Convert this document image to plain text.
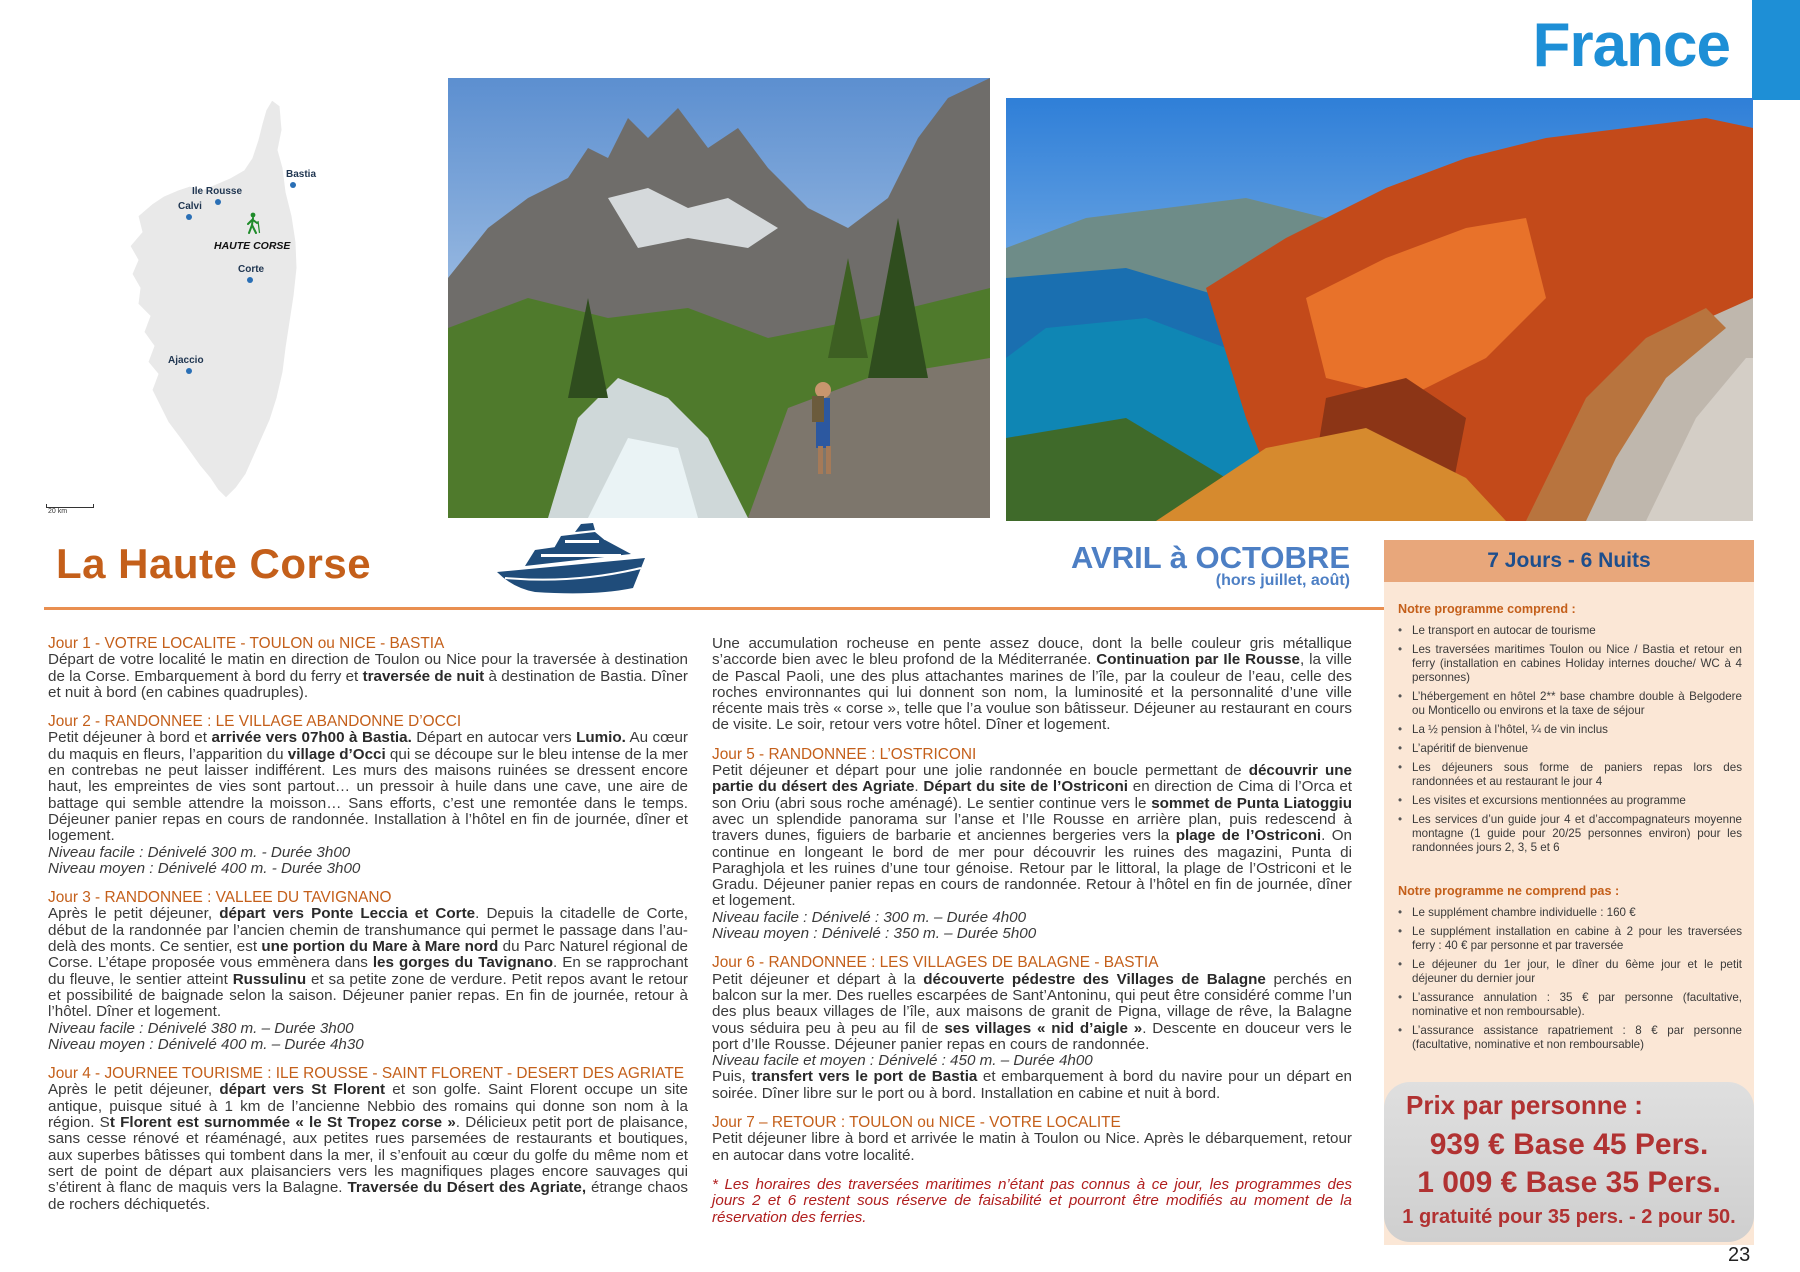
France
Bastia
Ile Rousse
Calvi
HAUTE CORSE
Corte
Ajaccio
20 km
La Haute Corse	AVRIL à OCTOBRE
(hors juillet, août)
Jour 1 - VOTRE LOCALITE - TOULON ou NICE - BASTIA
Départ de votre localité le matin en direction de Toulon ou Nice pour la traversée à destination de la Corse. Embarquement à bord du ferry et traversée de nuit à destination de Bastia. Dîner et nuit à bord (en cabines quadruples).
Jour 2 - RANDONNEE : LE VILLAGE ABANDONNE D’OCCI
Petit déjeuner à bord et arrivée vers 07h00 à Bastia. Départ en autocar vers Lumio. Au cœur du maquis en fleurs, l’apparition du village d’Occi qui se découpe sur le bleu intense de la mer en contrebas ne peut laisser indifférent. Les murs des maisons ruinées se dressent encore haut, les empreintes de vies sont partout… un pressoir à huile dans une cave, une aire de battage qui semble attendre la moisson… Sans efforts, c’est une remontée dans le temps. Déjeuner panier repas en cours de randonnée. Installation à l’hôtel en fin de journée, dîner et logement.
Niveau facile : Dénivelé 300 m. - Durée 3h00
Niveau moyen : Dénivelé 400 m. - Durée 3h00
Jour 3 - RANDONNEE : VALLEE DU TAVIGNANO
Après le petit déjeuner, départ vers Ponte Leccia et Corte. Depuis la citadelle de Corte, début de la randonnée par l’ancien chemin de transhumance qui permet le passage dans l’au-delà des monts. Ce sentier, est une portion du Mare à Mare nord du Parc Naturel régional de Corse. L’étape proposée vous emmènera dans les gorges du Tavignano. En se rapprochant du fleuve, le sentier atteint Russulinu et sa petite zone de verdure. Petit repos avant le retour et possibilité de baignade selon la saison. Déjeuner panier repas. En fin de journée, retour à l’hôtel. Dîner et logement.
Niveau facile : Dénivelé 380 m. – Durée 3h00
Niveau moyen : Dénivelé 400 m. – Durée 4h30
Jour 4 - JOURNEE TOURISME : ILE ROUSSE - SAINT FLORENT - DESERT DES AGRIATE
Après le petit déjeuner, départ vers St Florent et son golfe. Saint Florent occupe un site antique, puisque situé à 1 km de l’ancienne Nebbio des romains qui donne son nom à la région. St Florent est surnommée « le St Tropez corse ». Délicieux petit port de plaisance, sans cesse rénové et réaménagé, aux petites rues parsemées de restaurants et boutiques, aux superbes bâtisses qui tombent dans la mer, il s’enfouit au cœur du golfe du même nom et sert de point de départ aux plaisanciers vers les magnifiques plages encore sauvages qui s’étirent à flanc de maquis vers la Balagne. Traversée du Désert des Agriate, étrange chaos de rochers déchiquetés.
Une accumulation rocheuse en pente assez douce, dont la belle couleur gris métallique s’accorde bien avec le bleu profond de la Méditerranée. Continuation par Ile Rousse, la ville de Pascal Paoli, une des plus attachantes marines de l’île, par la couleur de l’eau, celle des roches environnantes qui lui donnent son nom, la luminosité et la personnalité d’une ville récente mais très « corse », telle que l’a voulue son bâtisseur. Déjeuner au restaurant en cours de visite. Le soir, retour vers votre hôtel. Dîner et logement.
Jour 5 - RANDONNEE : L’OSTRICONI
Petit déjeuner et départ pour une jolie randonnée en boucle permettant de découvrir une partie du désert des Agriate. Départ du site de l’Ostriconi en direction de Cima di l’Orca et son Oriu (abri sous roche aménagé). Le sentier continue vers le sommet de Punta Liatoggiu avec un splendide panorama sur l’anse et l’Ile Rousse en arrière plan, puis redescend à travers dunes, figuiers de barbarie et anciennes bergeries vers la plage de l’Ostriconi. On continue en longeant le bord de mer pour découvrir les ruines des magazini, Punta di Paraghjola et les ruines d’une tour génoise. Retour par le littoral, la plage de l’Ostriconi et le Gradu. Déjeuner panier repas en cours de randonnée. Retour à l’hôtel en fin de journée, dîner et logement.
Niveau facile : Dénivelé : 300 m. – Durée 4h00
Niveau moyen : Dénivelé : 350 m. – Durée 5h00
Jour 6 - RANDONNEE : LES VILLAGES DE BALAGNE - BASTIA
Petit déjeuner et départ à la découverte pédestre des Villages de Balagne perchés en balcon sur la mer. Des ruelles escarpées de Sant’Antoninu, qui peut être considéré comme l’un des plus beaux villages de l’île, aux maisons de granit de Pigna, village de rêve, la Balagne vous séduira peu à peu au fil de ses villages « nid d’aigle ». Descente en douceur vers le port d’Ile Rousse. Déjeuner panier repas en cours de randonnée.
Niveau facile et moyen : Dénivelé : 450 m. – Durée 4h00
Puis, transfert vers le port de Bastia et embarquement à bord du navire pour un départ en soirée. Dîner libre sur le port ou à bord. Installation en cabine et nuit à bord.
Jour 7 – RETOUR : TOULON ou NICE - VOTRE LOCALITE
Petit déjeuner libre à bord et arrivée le matin à Toulon ou Nice. Après le débarquement, retour en autocar dans votre localité.
* Les horaires des traversées maritimes n’étant pas connus à ce jour, les programmes des jours 2 et 6 restent sous réserve de faisabilité et pourront être modifiés au moment de la réservation des ferries.
7 Jours - 6 Nuits
Notre programme comprend :
• Le transport en autocar de tourisme
• Les traversées maritimes Toulon ou Nice / Bastia et retour en ferry (installation en cabines Holiday internes douche/ WC à 4 personnes)
• L’hébergement en hôtel 2** base chambre double à Belgodere ou Monticello ou environs et la taxe de séjour
• La ½ pension à l’hôtel, ¼ de vin inclus
• L’apéritif de bienvenue
• Les déjeuners sous forme de paniers repas lors des randonnées et au restaurant le jour 4
• Les visites et excursions mentionnées au programme
• Les services d’un guide jour 4 et d’accompagnateurs moyenne montagne (1 guide pour 20/25 personnes environ) pour les randonnées jours 2, 3, 5 et 6
Notre programme ne comprend pas :
• Le supplément chambre individuelle : 160 €
• Le supplément installation en cabine à 2 pour les traversées ferry : 40 € par personne et par traversée
• Le déjeuner du 1er jour, le dîner du 6ème jour et le petit déjeuner du dernier jour
• L’assurance annulation : 35 € par personne (facultative, nominative et non remboursable).
• L’assurance assistance rapatriement : 8 € par personne (facultative, nominative et non remboursable)
Prix par personne :
939 € Base 45 Pers.
1 009 € Base 35 Pers.
1 gratuité pour 35 pers. - 2 pour 50.
23
